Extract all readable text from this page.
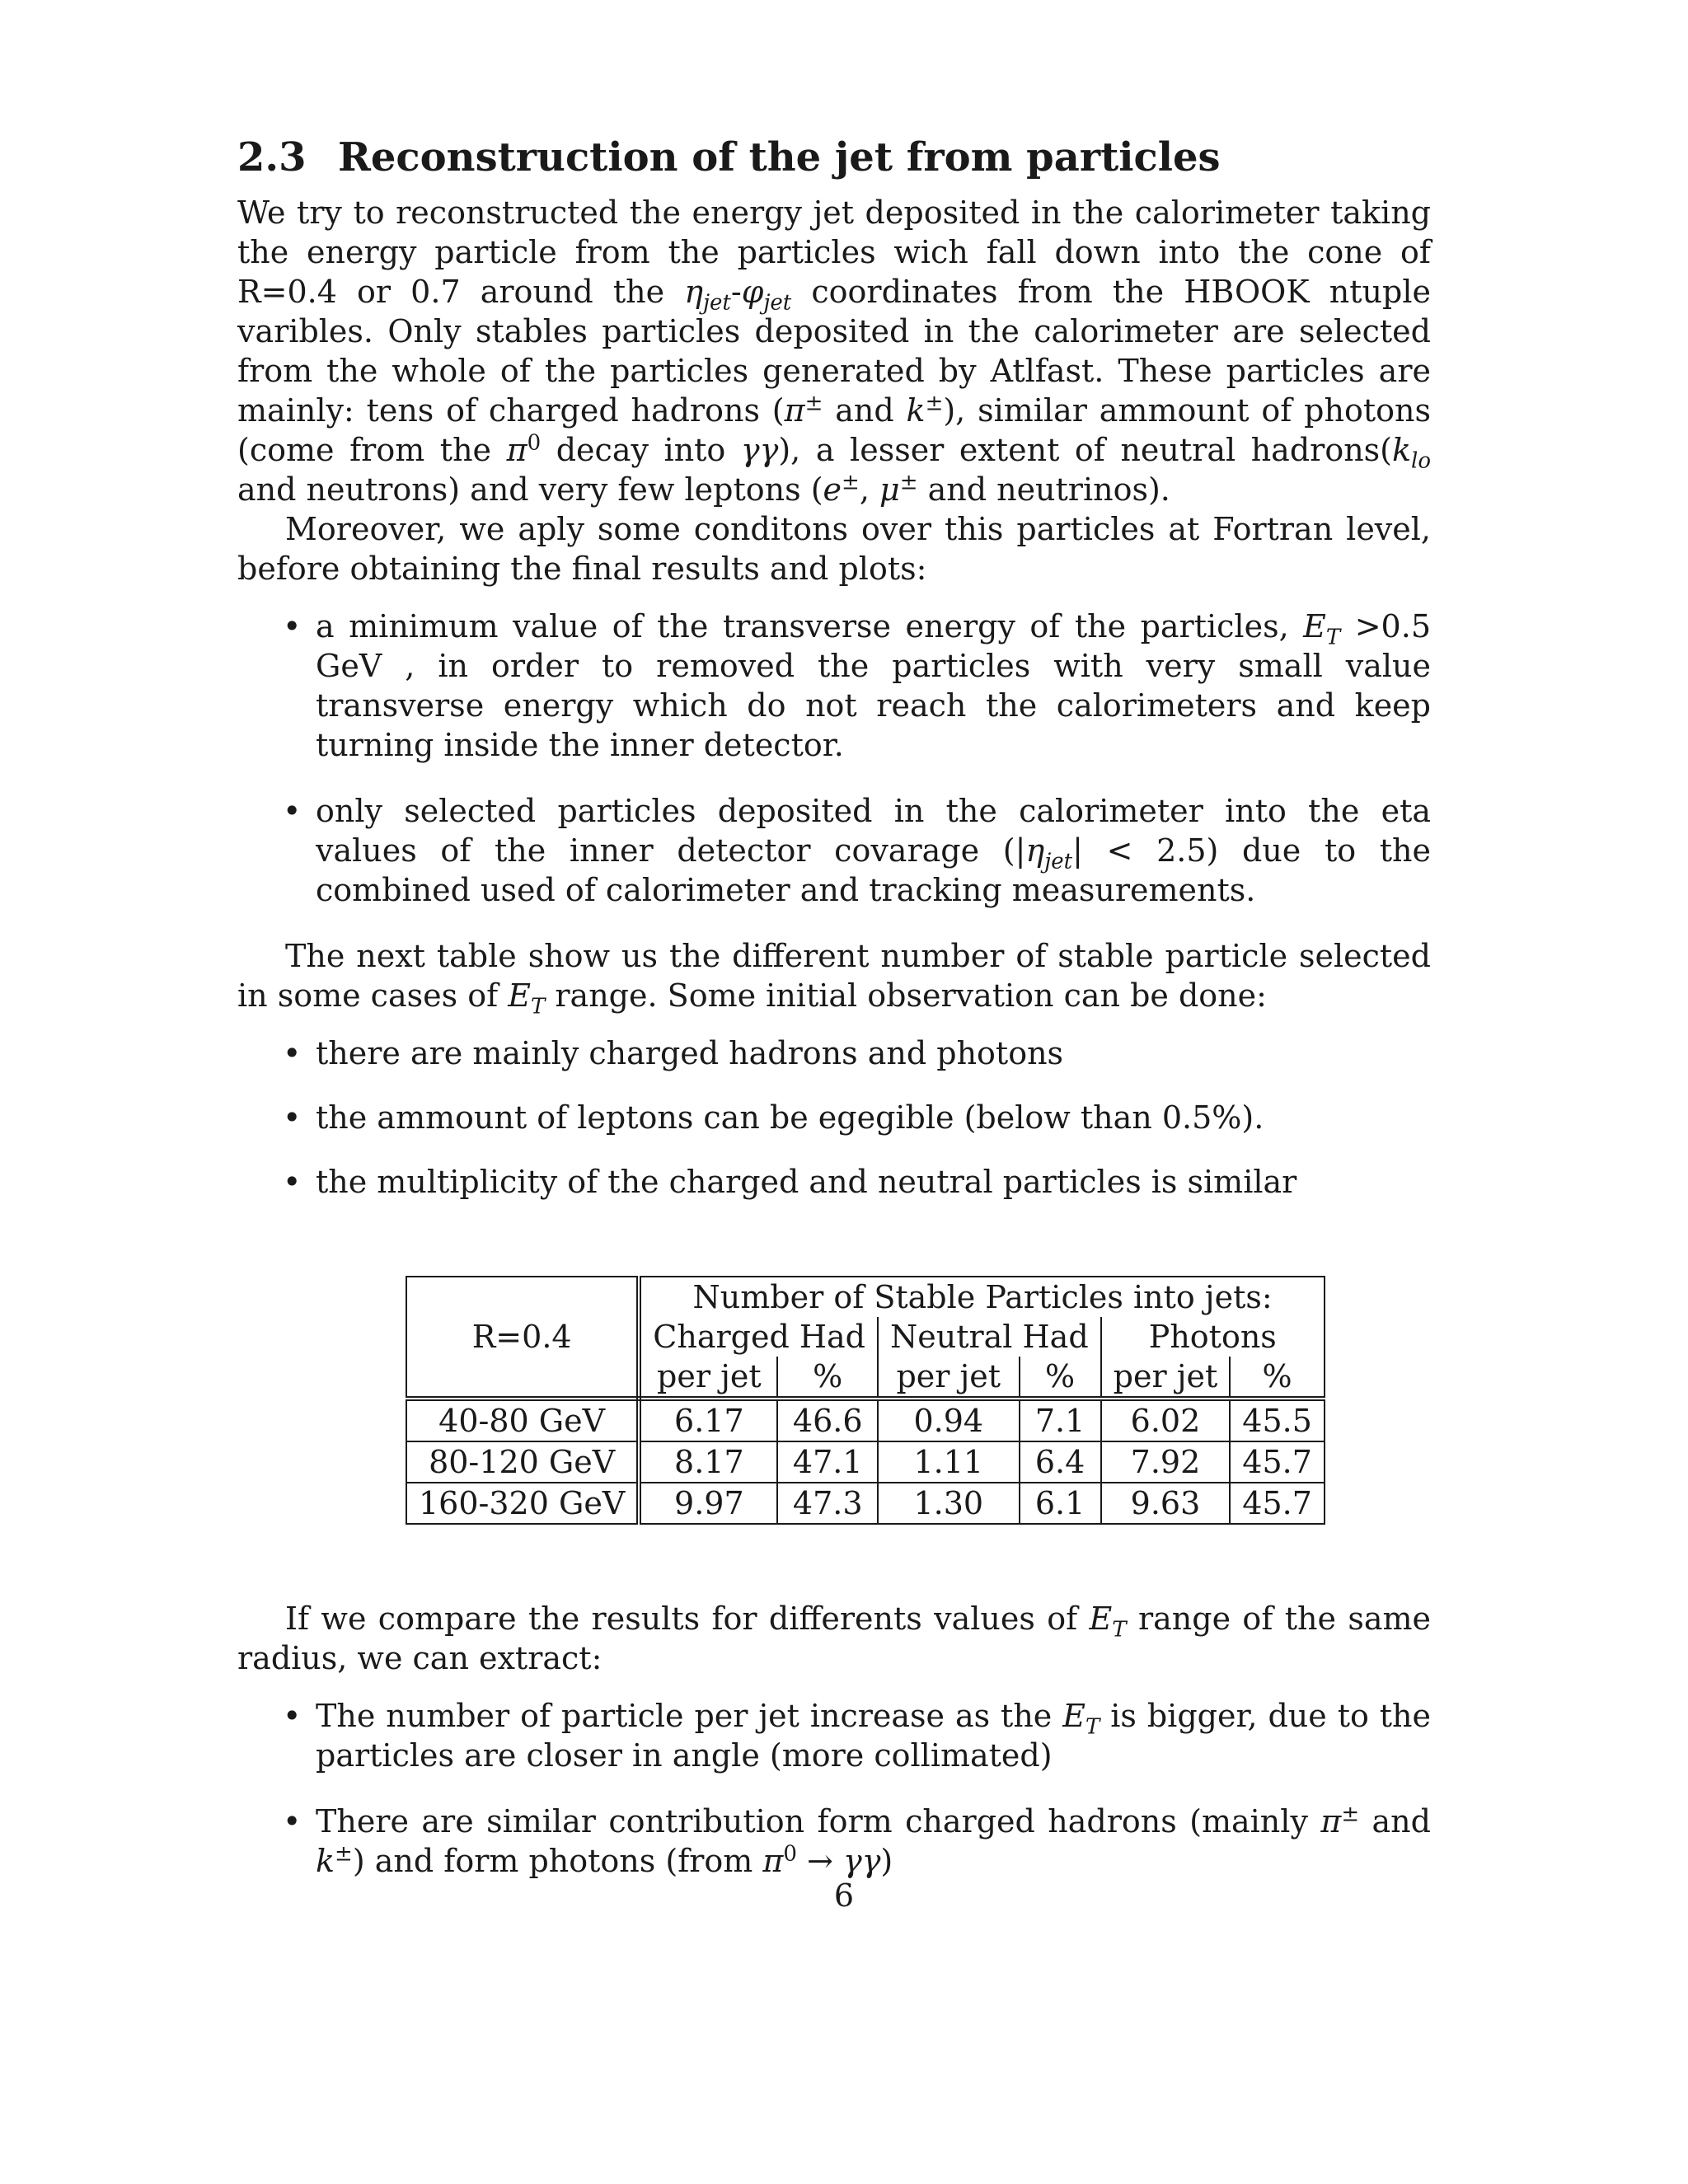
2.3 Reconstruction of the jet from particles

We try to reconstructed the energy jet deposited in the calorimeter taking the energy particle from the particles wich fall down into the cone of R=0.4 or 0.7 around the $\eta_{jet}-\varphi_{jet}$ coordinates from the HBOOK ntuple varibles. Only stables particles deposited in the calorimeter are selected from the whole of the particles generated by Atlfast. These particles are mainly: tens of charged hadrons (π± and k±), similar ammount of photons (come from the $\pi^0$ decay into γγ), a lesser extent of neutral $hadrons(k_{lo}$ and neutrons) and very few leptons (e±, μ± and neutrinos).

Moreover, we aply some conditons over this particles at Fortran level, before obtaining the final results and plots:

• a minimum value of the transverse energy of the particles, $E_T >0.5$ GeV , in order to removed the particles with very small value transverse energy which do not reach the calorimeters and keep turning inside the inner detector.
• only selected particles deposited in the calorimeter into the eta values of the inner detector covarage $(|\eta_{jet}| < 2.5)$ due to the combined used of calorimeter and tracking measurements.

The next table show us the different number of stable particle selected in some cases of $E_T$ range. Some initial observation can be done:

• there are mainly charged hadrons and photons
• the ammount of leptons can be egegible (below than 0.5%).
• the multiplicity of the charged and neutral particles is similar
R=0.4	Number of Stable Particles into jets:					
	Charged Had		Neutral Had		Photons	
	per jet	%	per jet	%	per jet	%
40-80 GeV	6.17	46.6	0.94	7.1	6.02	45.5
80-120 GeV	8.17	47.1	1.11	6.4	7.92	45.7
160-320 GeV	9.97	47.3	1.30	6.1	9.63	45.7

If we compare the results for differents values of $E_T$ range of the same radius, we can extract:

• The number of particle per jet increase as the $E_T$ is bigger, due to the particles are closer in angle (more collimated)
• There are similar contribution form charged hadrons (mainly π± and k±) and form photons (from $\pi^0 \to \gamma\gamma$)
6
